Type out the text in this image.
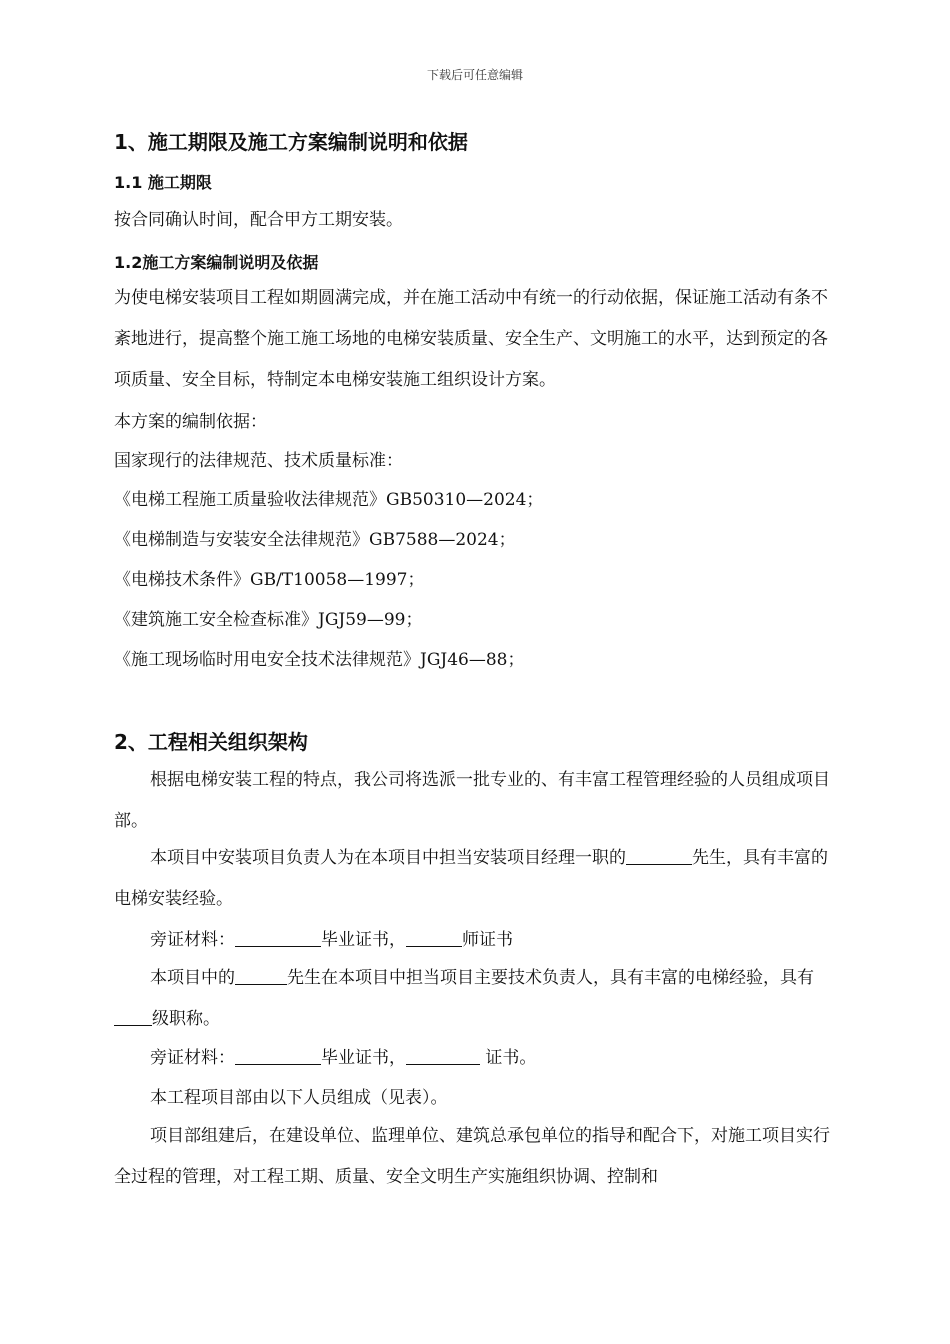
下载后可任意编辑
1、施工期限及施工方案编制说明和依据
1.1 施工期限
按合同确认时间，配合甲方工期安装。
1.2施工方案编制说明及依据
为使电梯安装项目工程如期圆满完成，并在施工活动中有统一的行动依据，保证施工活动有条不紊地进行，提高整个施工施工场地的电梯安装质量、安全生产、文明施工的水平，达到预定的各项质量、安全目标，特制定本电梯安装施工组织设计方案。
本方案的编制依据：
国家现行的法律规范、技术质量标准：
《电梯工程施工质量验收法律规范》GB50310—2024；
《电梯制造与安装安全法律规范》GB7588—2024；
《电梯技术条件》GB/T10058—1997；
《建筑施工安全检查标准》JGJ59—99；
《施工现场临时用电安全技术法律规范》JGJ46—88；
2、工程相关组织架构
根据电梯安装工程的特点，我公司将选派一批专业的、有丰富工程管理经验的人员组成项目部。
本项目中安装项目负责人为在本项目中担当安装项目经理一职的	先生，具有丰富的电梯安装经验。
旁证材料：	毕业证书，	师证书
本项目中的	先生在本项目中担当项目主要技术负责人，具有丰富的电梯经验，具有级职称。
旁证材料：	毕业证书，	证书。
本工程项目部由以下人员组成（见表）。
项目部组建后，在建设单位、监理单位、建筑总承包单位的指导和配合下，对施工项目实行全过程的管理，对工程工期、质量、安全文明生产实施组织协调、控制和
